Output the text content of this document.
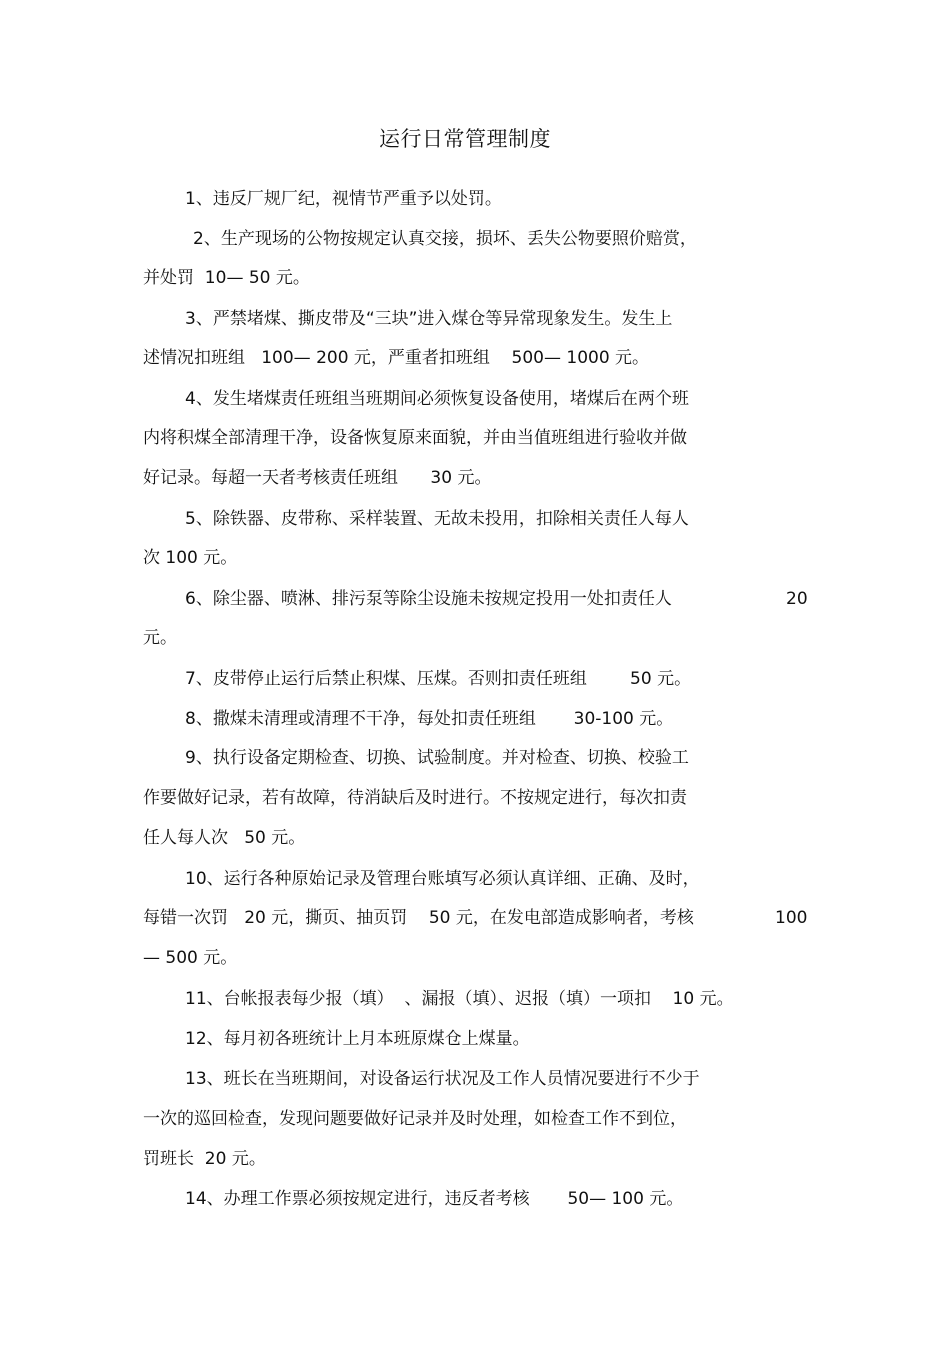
运行日常管理制度
1、违反厂规厂纪，视情节严重予以处罚。
2、生产现场的公物按规定认真交接，损坏、丢失公物要照价赔赏，
并处罚  10— 50 元。
3、严禁堵煤、撕皮带及“三块”进入煤仓等异常现象发生。发生上
述情况扣班组   100— 200 元，严重者扣班组    500— 1000 元。
4、发生堵煤责任班组当班期间必须恢复设备使用，堵煤后在两个班
内将积煤全部清理干净，设备恢复原来面貌，并由当值班组进行验收并做
好记录。每超一天者考核责任班组      30 元。
5、除铁器、皮带称、采样装置、无故未投用，扣除相关责任人每人
次 100 元。
6、除尘器、喷淋、排污泵等除尘设施未按规定投用一处扣责任人	20
元。
7、皮带停止运行后禁止积煤、压煤。否则扣责任班组        50 元。
8、撒煤未清理或清理不干净，每处扣责任班组       30-100 元。
9、执行设备定期检查、切换、试验制度。并对检查、切换、校验工
作要做好记录，若有故障，待消缺后及时进行。不按规定进行，每次扣责
任人每人次   50 元。
10、运行各种原始记录及管理台账填写必须认真详细、正确、及时，
每错一次罚   20 元，撕页、抽页罚    50 元，在发电部造成影响者，考核	100
— 500 元。
11、台帐报表每少报（填）  、漏报（填）、迟报（填）一项扣    10 元。
12、每月初各班统计上月本班原煤仓上煤量。
13、班长在当班期间，对设备运行状况及工作人员情况要进行不少于
一次的巡回检查，发现问题要做好记录并及时处理，如检查工作不到位，
罚班长  20 元。
14、办理工作票必须按规定进行，违反者考核       50— 100 元。
